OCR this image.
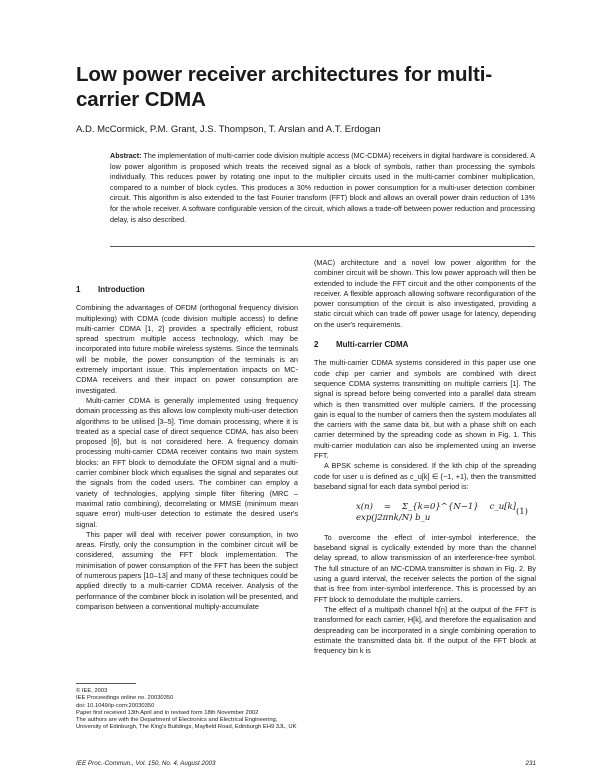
Low power receiver architectures for multi-carrier CDMA
A.D. McCormick, P.M. Grant, J.S. Thompson, T. Arslan and A.T. Erdogan
Abstract: The implementation of multi-carrier code division multiple access (MC-CDMA) receivers in digital hardware is considered. A low power algorithm is proposed which treats the received signal as a block of symbols, rather than processing the symbols individually. This reduces power by rotating one input to the multiplier circuits used in the multi-carrier combiner multiplication, compared to a number of block cycles. This produces a 30% reduction in power consumption for a multi-user detection combiner circuit. This algorithm is also extended to the fast Fourier transform (FFT) block and allows an overall power drain reduction of 13% for the whole receiver. A software configurable version of the circuit, which allows a trade-off between power reduction and processing delay, is also described.
1	Introduction

Combining the advantages of OFDM (orthogonal frequency division multiplexing) with CDMA (code division multiple access) to define multi-carrier CDMA [1, 2] provides a spectrally efficient, robust spread spectrum multiple access technology, which may be incorporated into future mobile wireless systems. Since the terminals will be mobile, the power consumption of the terminals is an extremely important issue. This implementation impacts on MC-CDMA receivers and their impact on power consumption are investigated.

Multi-carrier CDMA is generally implemented using frequency domain processing as this allows low complexity multi-user detection algorithms to be utilised [3–5]. Time domain processing, where it is treated as a special case of direct sequence CDMA, has also been proposed [6], but is not considered here. A frequency domain processing multi-carrier CDMA receiver contains two main system blocks: an FFT block to demodulate the OFDM signal and a multi-carrier combiner block which equalises the signal and separates out the signals from the coded users. The combiner can employ a variety of technologies, applying simple filter filtering (MRC – maximal ratio combining), decorrelating or MMSE (minimum mean square error) multi-user detection to estimate the desired user's signal.

This paper will deal with receiver power consumption, in two areas. Firstly, only the consumption in the combiner circuit will be considered, assuming the FFT block implementation. The minimisation of power consumption of the FFT has been the subject of numerous papers [10–13] and many of these techniques could be applied directly to a multi-carrier CDMA receiver. Analysis of the performance of the combiner block in isolation will be presented, and comparison between a conventional multiply-accumulate

© IEE, 2003

IEE Proceedings online no. 20030350

doi: 10.1049/ip-com:20030350

Paper first received 13th April and in revised form 18th November 2002

The authors are with the Department of Electronics and Electrical Engineering, University of Edinburgh, The King's Buildings, Mayfield Road, Edinburgh EH9 3JL, UK

(MAC) architecture and a novel low power algorithm for the combiner circuit will be shown. This low power approach will then be extended to include the FFT circuit and the other components of the receiver. A flexible approach allowing software reconfiguration of the power consumption of the circuit is also investigated, providing a static circuit which can trade off power usage for latency, depending on the user's requirements.

2	Multi-carrier CDMA

The multi-carrier CDMA systems considered in this paper use one code chip per carrier and symbols are combined with direct sequence CDMA systems transmitting on multiple carriers [1]. The signal is spread before being converted into a parallel data stream which is then transmitted over multiple carriers. If the processing gain is equal to the number of carriers then the system modulates all the carriers with the same data bit, but with a phase shift on each carrier determined by the spreading code as shown in Fig. 1. This multi-carrier modulation can also be implemented using an inverse FFT.

A BPSK scheme is considered. If the kth chip of the spreading code for user u is defined as c_u[k] ∈ {−1, +1}, then the transmitted baseband signal for each data symbol period is:

x(n) = Σ_{k=0}^{N−1} c_u[k] exp(j2πnk/N) b_u
(1)

To overcome the effect of inter-symbol interference, the baseband signal is cyclically extended by more than the channel delay spread, to allow transmission of an interference-free symbol. The full structure of an MC-CDMA transmitter is shown in Fig. 2. By using a guard interval, the receiver selects the portion of the signal that is free from inter-symbol interference. This is processed by an FFT block to demodulate the multiple carriers.

The effect of a multipath channel h[n] at the output of the FFT is transformed for each carrier, H[k], and therefore the equalisation and despreading can be incorporated in a single combining operation to estimate the transmitted data bit. If the output of the FFT block at frequency bin k is

IEE Proc.-Commun., Vol. 150, No. 4, August 2003	231
